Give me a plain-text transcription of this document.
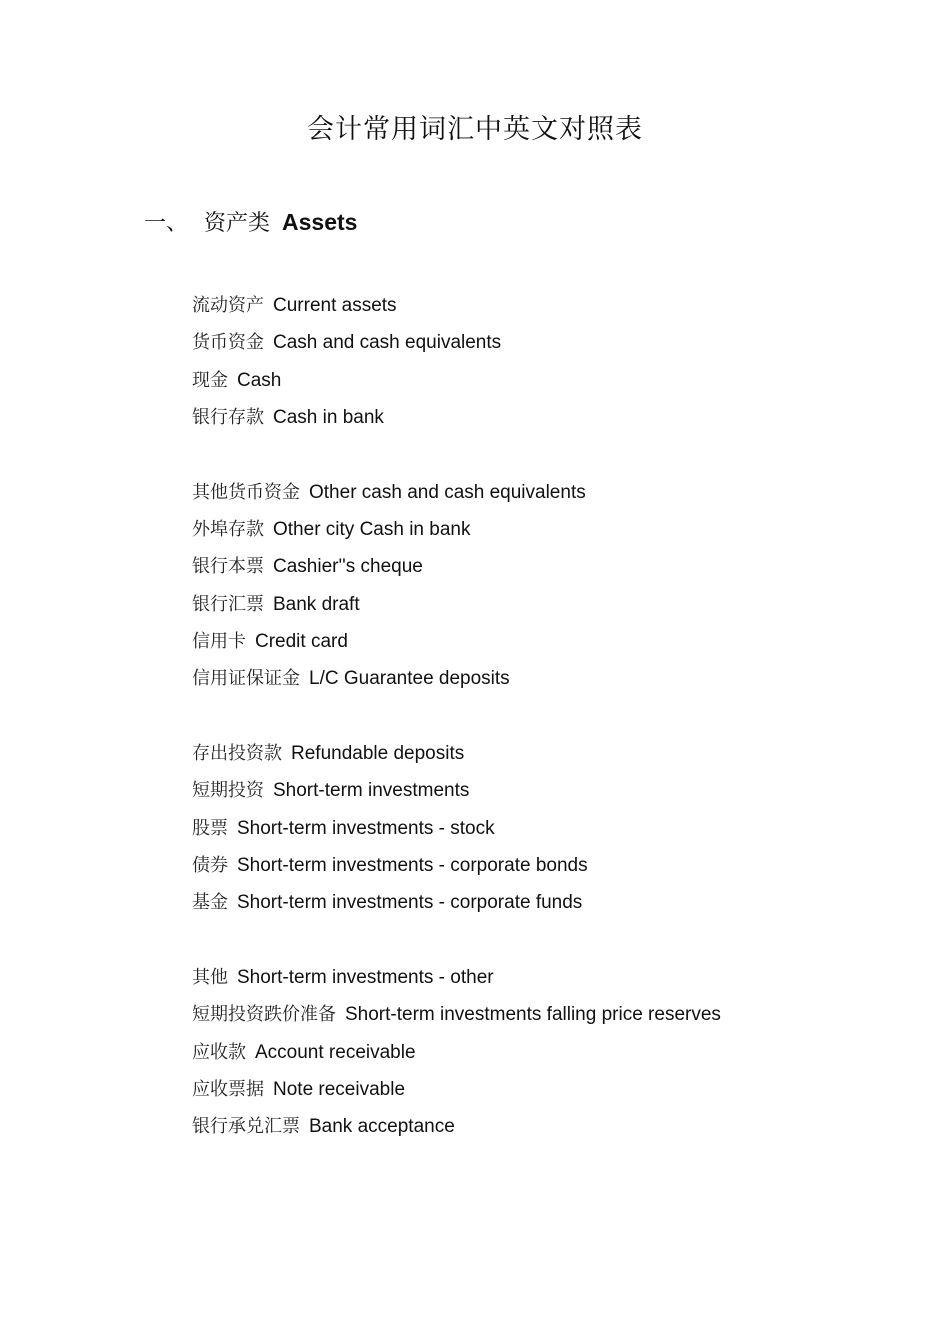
会计常用词汇中英文对照表
一、 资产类 Assets
流动资产 Current assets
货币资金 Cash and cash equivalents
现金 Cash
银行存款 Cash in bank
其他货币资金 Other cash and cash equivalents
外埠存款 Other city Cash in bank
银行本票 Cashier''s cheque
银行汇票 Bank draft
信用卡 Credit card
信用证保证金 L/C Guarantee deposits
存出投资款 Refundable deposits
短期投资 Short-term investments
股票 Short-term investments - stock
债券 Short-term investments - corporate bonds
基金 Short-term investments - corporate funds
其他 Short-term investments - other
短期投资跌价准备 Short-term investments falling price reserves
应收款 Account receivable
应收票据 Note receivable
银行承兑汇票 Bank acceptance
